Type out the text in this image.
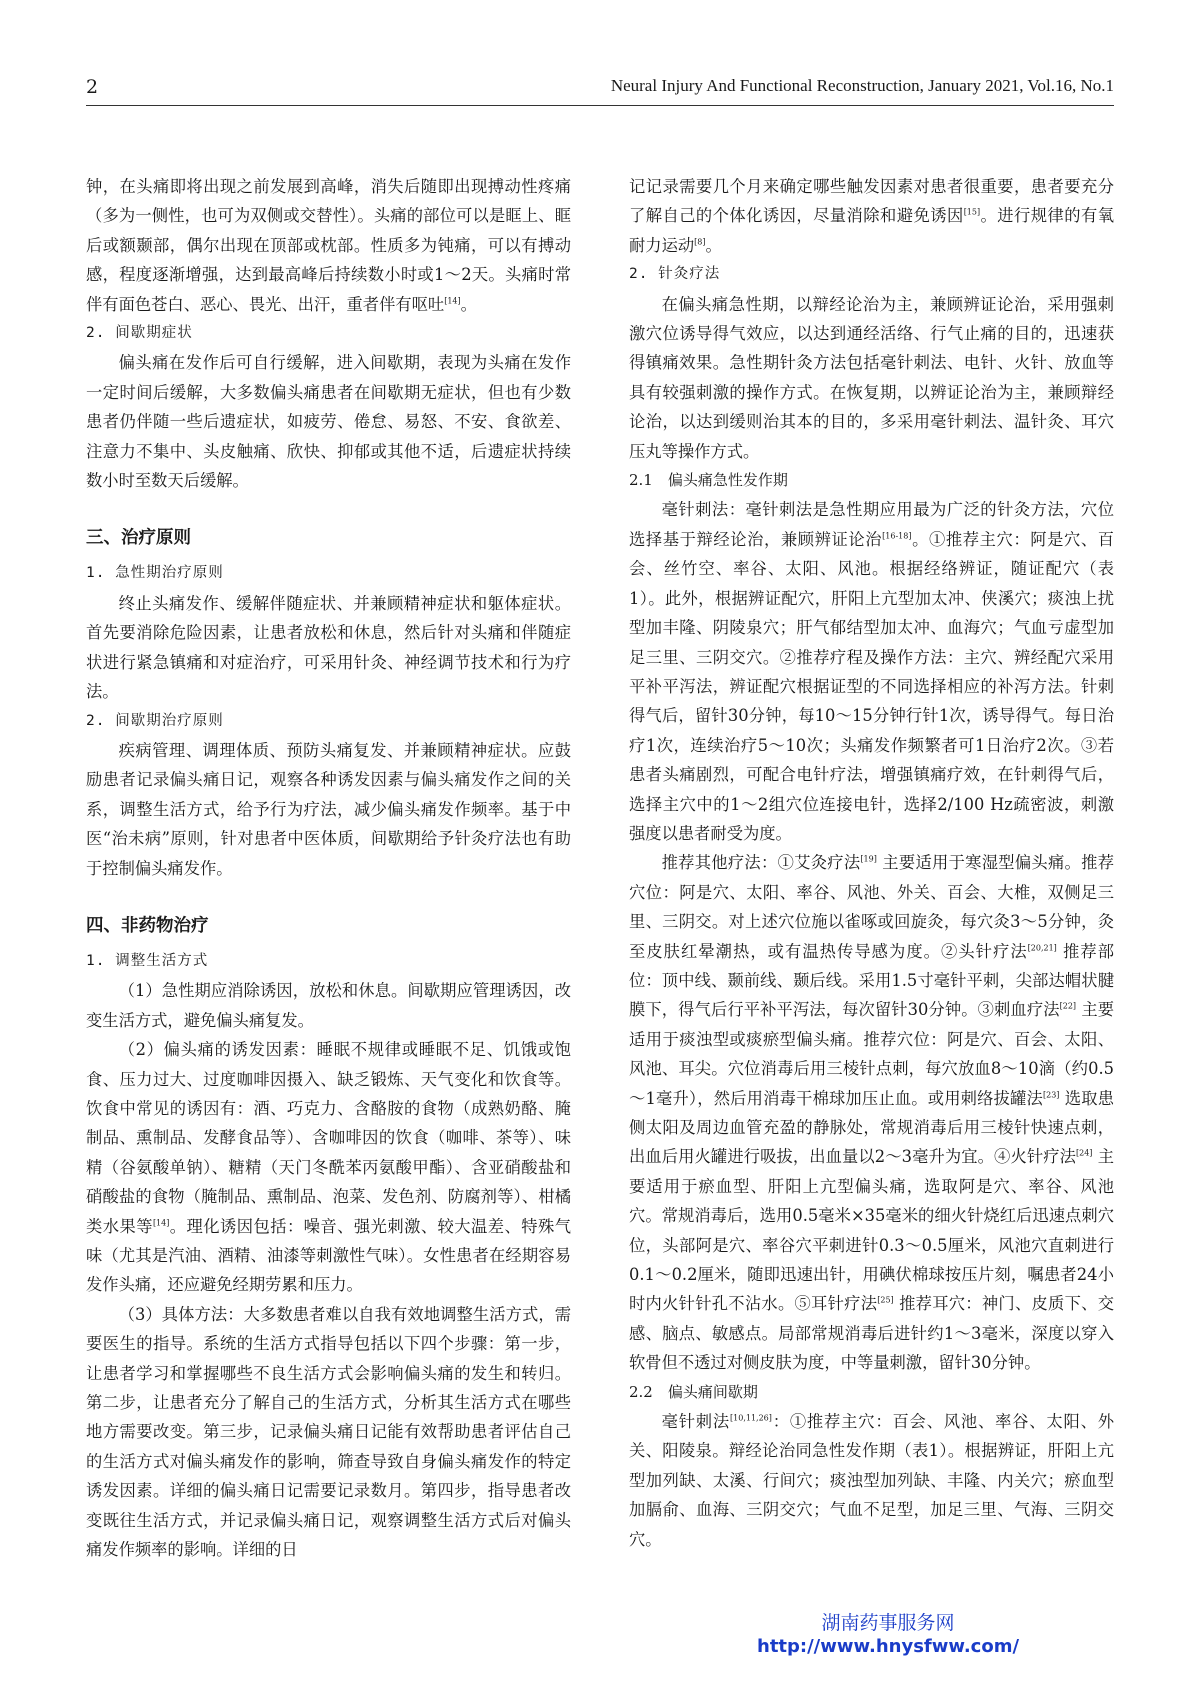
2	Neural Injury And Functional Reconstruction, January 2021, Vol.16, No.1

钟，在头痛即将出现之前发展到高峰，消失后随即出现搏动性疼痛（多为一侧性，也可为双侧或交替性）。头痛的部位可以是眶上、眶后或额颞部，偶尔出现在顶部或枕部。性质多为钝痛，可以有搏动感，程度逐渐增强，达到最高峰后持续数小时或1～2天。头痛时常伴有面色苍白、恶心、畏光、出汗，重者伴有呕吐[14]。

2. 间歇期症状

偏头痛在发作后可自行缓解，进入间歇期，表现为头痛在发作一定时间后缓解，大多数偏头痛患者在间歇期无症状，但也有少数患者仍伴随一些后遗症状，如疲劳、倦怠、易怒、不安、食欲差、注意力不集中、头皮触痛、欣快、抑郁或其他不适，后遗症状持续数小时至数天后缓解。

三、治疗原则
1. 急性期治疗原则

终止头痛发作、缓解伴随症状、并兼顾精神症状和躯体症状。首先要消除危险因素，让患者放松和休息，然后针对头痛和伴随症状进行紧急镇痛和对症治疗，可采用针灸、神经调节技术和行为疗法。

2. 间歇期治疗原则

疾病管理、调理体质、预防头痛复发、并兼顾精神症状。应鼓励患者记录偏头痛日记，观察各种诱发因素与偏头痛发作之间的关系，调整生活方式，给予行为疗法，减少偏头痛发作频率。基于中医“治未病”原则，针对患者中医体质，间歇期给予针灸疗法也有助于控制偏头痛发作。

四、非药物治疗
1. 调整生活方式

（1）急性期应消除诱因，放松和休息。间歇期应管理诱因，改变生活方式，避免偏头痛复发。

（2）偏头痛的诱发因素：睡眠不规律或睡眠不足、饥饿或饱食、压力过大、过度咖啡因摄入、缺乏锻炼、天气变化和饮食等。饮食中常见的诱因有：酒、巧克力、含酪胺的食物（成熟奶酪、腌制品、熏制品、发酵食品等）、含咖啡因的饮食（咖啡、茶等）、味精（谷氨酸单钠）、糖精（天门冬酰苯丙氨酸甲酯）、含亚硝酸盐和硝酸盐的食物（腌制品、熏制品、泡菜、发色剂、防腐剂等）、柑橘类水果等[14]。理化诱因包括：噪音、强光刺激、较大温差、特殊气味（尤其是汽油、酒精、油漆等刺激性气味）。女性患者在经期容易发作头痛，还应避免经期劳累和压力。

（3）具体方法：大多数患者难以自我有效地调整生活方式，需要医生的指导。系统的生活方式指导包括以下四个步骤：第一步，让患者学习和掌握哪些不良生活方式会影响偏头痛的发生和转归。第二步，让患者充分了解自己的生活方式，分析其生活方式在哪些地方需要改变。第三步，记录偏头痛日记能有效帮助患者评估自己的生活方式对偏头痛发作的影响，筛查导致自身偏头痛发作的特定诱发因素。详细的偏头痛日记需要记录数月。第四步，指导患者改变既往生活方式，并记录偏头痛日记，观察调整生活方式后对偏头痛发作频率的影响。详细的日

记记录需要几个月来确定哪些触发因素对患者很重要，患者要充分了解自己的个体化诱因，尽量消除和避免诱因[15]。进行规律的有氧耐力运动[8]。

2. 针灸疗法

在偏头痛急性期，以辩经论治为主，兼顾辨证论治，采用强刺激穴位诱导得气效应，以达到通经活络、行气止痛的目的，迅速获得镇痛效果。急性期针灸方法包括毫针刺法、电针、火针、放血等具有较强刺激的操作方式。在恢复期，以辨证论治为主，兼顾辩经论治，以达到缓则治其本的目的，多采用毫针刺法、温针灸、耳穴压丸等操作方式。

2.1　偏头痛急性发作期

毫针刺法：毫针刺法是急性期应用最为广泛的针灸方法，穴位选择基于辩经论治，兼顾辨证论治[16-18]。①推荐主穴：阿是穴、百会、丝竹空、率谷、太阳、风池。根据经络辨证，随证配穴（表1）。此外，根据辨证配穴，肝阳上亢型加太冲、侠溪穴；痰浊上扰型加丰隆、阴陵泉穴；肝气郁结型加太冲、血海穴；气血亏虚型加足三里、三阴交穴。②推荐疗程及操作方法：主穴、辨经配穴采用平补平泻法，辨证配穴根据证型的不同选择相应的补泻方法。针刺得气后，留针30分钟，每10～15分钟行针1次，诱导得气。每日治疗1次，连续治疗5～10次；头痛发作频繁者可1日治疗2次。③若患者头痛剧烈，可配合电针疗法，增强镇痛疗效，在针刺得气后，选择主穴中的1～2组穴位连接电针，选择2/100 Hz疏密波，刺激强度以患者耐受为度。

推荐其他疗法：①艾灸疗法[19] 主要适用于寒湿型偏头痛。推荐穴位：阿是穴、太阳、率谷、风池、外关、百会、大椎，双侧足三里、三阴交。对上述穴位施以雀啄或回旋灸，每穴灸3～5分钟，灸至皮肤红晕潮热，或有温热传导感为度。②头针疗法[20,21] 推荐部位：顶中线、颞前线、颞后线。采用1.5寸毫针平刺，尖部达帽状腱膜下，得气后行平补平泻法，每次留针30分钟。③刺血疗法[22] 主要适用于痰浊型或痰瘀型偏头痛。推荐穴位：阿是穴、百会、太阳、风池、耳尖。穴位消毒后用三棱针点刺，每穴放血8～10滴（约0.5～1毫升），然后用消毒干棉球加压止血。或用刺络拔罐法[23] 选取患侧太阳及周边血管充盈的静脉处，常规消毒后用三棱针快速点刺，出血后用火罐进行吸拔，出血量以2～3毫升为宜。④火针疗法[24] 主要适用于瘀血型、肝阳上亢型偏头痛，选取阿是穴、率谷、风池穴。常规消毒后，选用0.5毫米×35毫米的细火针烧红后迅速点刺穴位，头部阿是穴、率谷穴平刺进针0.3～0.5厘米，风池穴直刺进行0.1～0.2厘米，随即迅速出针，用碘伏棉球按压片刻，嘱患者24小时内火针针孔不沾水。⑤耳针疗法[25] 推荐耳穴：神门、皮质下、交感、脑点、敏感点。局部常规消毒后进针约1～3毫米，深度以穿入软骨但不透过对侧皮肤为度，中等量刺激，留针30分钟。

2.2　偏头痛间歇期

毫针刺法[10,11,26]：①推荐主穴：百会、风池、率谷、太阳、外关、阳陵泉。辩经论治同急性发作期（表1）。根据辨证，肝阳上亢型加列缺、太溪、行间穴；痰浊型加列缺、丰隆、内关穴；瘀血型加膈俞、血海、三阴交穴；气血不足型，加足三里、气海、三阴交穴。

湖南药事服务网
http://www.hnysfww.com/
